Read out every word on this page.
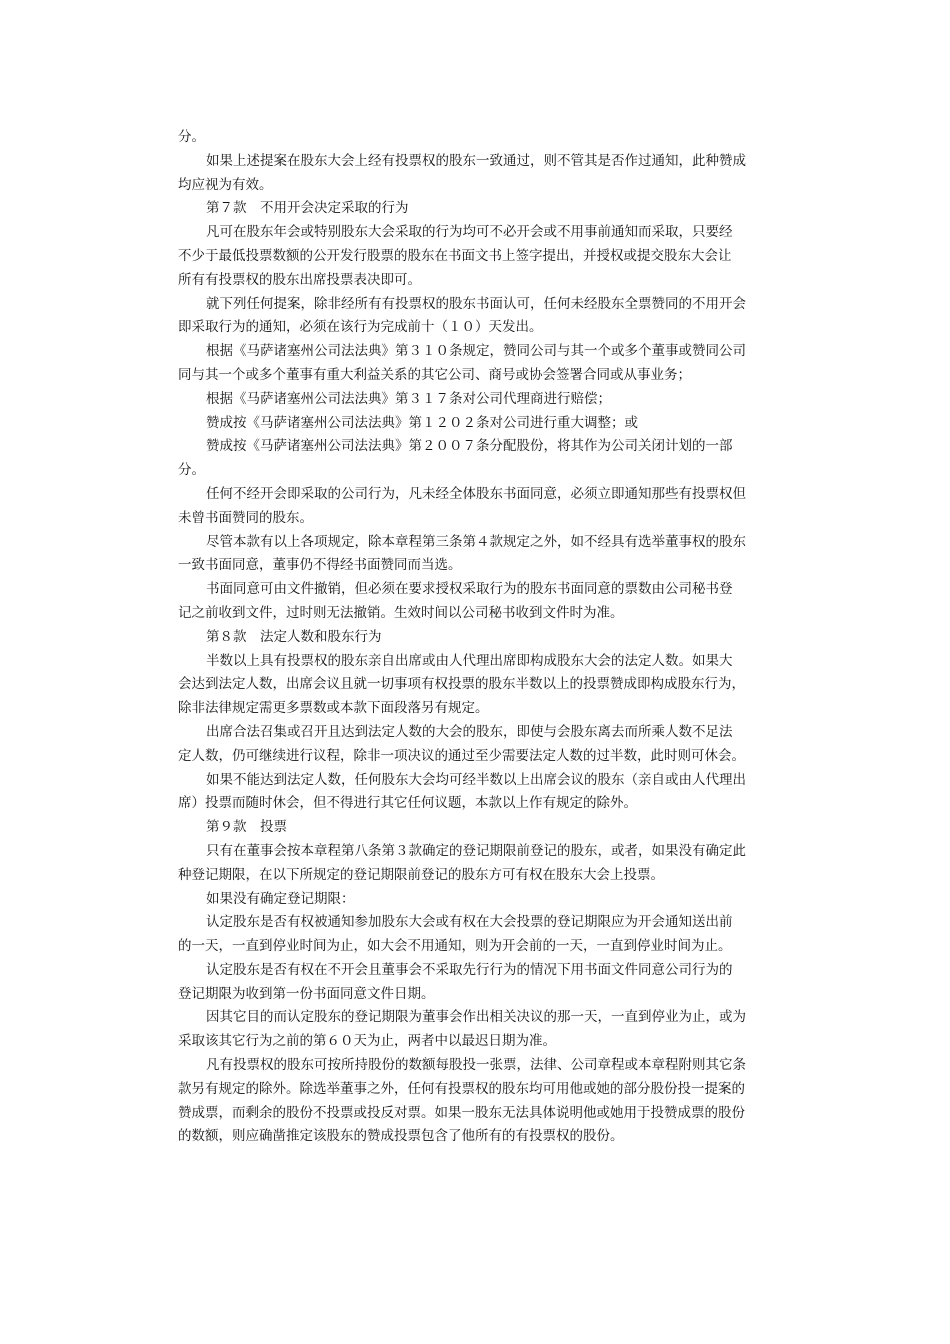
分。
如果上述提案在股东大会上经有投票权的股东一致通过，则不管其是否作过通知，此种赞成
均应视为有效。
第７款　不用开会决定采取的行为
凡可在股东年会或特别股东大会采取的行为均可不必开会或不用事前通知而采取，只要经
不少于最低投票数额的公开发行股票的股东在书面文书上签字提出，并授权或提交股东大会让
所有有投票权的股东出席投票表决即可。
就下列任何提案，除非经所有有投票权的股东书面认可，任何未经股东全票赞同的不用开会
即采取行为的通知，必须在该行为完成前十（１０）天发出。
根据《马萨诸塞州公司法法典》第３１０条规定，赞同公司与其一个或多个董事或赞同公司
同与其一个或多个董事有重大利益关系的其它公司、商号或协会签署合同或从事业务；
根据《马萨诸塞州公司法法典》第３１７条对公司代理商进行赔偿；
赞成按《马萨诸塞州公司法法典》第１２０２条对公司进行重大调整；或
赞成按《马萨诸塞州公司法法典》第２００７条分配股份，将其作为公司关闭计划的一部
分。
任何不经开会即采取的公司行为，凡未经全体股东书面同意，必须立即通知那些有投票权但
未曾书面赞同的股东。
尽管本款有以上各项规定，除本章程第三条第４款规定之外，如不经具有选举董事权的股东
一致书面同意，董事仍不得经书面赞同而当选。
书面同意可由文件撤销，但必须在要求授权采取行为的股东书面同意的票数由公司秘书登
记之前收到文件，过时则无法撤销。生效时间以公司秘书收到文件时为准。
第８款　法定人数和股东行为
半数以上具有投票权的股东亲自出席或由人代理出席即构成股东大会的法定人数。如果大
会达到法定人数，出席会议且就一切事项有权投票的股东半数以上的投票赞成即构成股东行为，
除非法律规定需更多票数或本款下面段落另有规定。
出席合法召集或召开且达到法定人数的大会的股东，即使与会股东离去而所乘人数不足法
定人数，仍可继续进行议程，除非一项决议的通过至少需要法定人数的过半数，此时则可休会。
如果不能达到法定人数，任何股东大会均可经半数以上出席会议的股东（亲自或由人代理出
席）投票而随时休会，但不得进行其它任何议题，本款以上作有规定的除外。
第９款　投票
只有在董事会按本章程第八条第３款确定的登记期限前登记的股东，或者，如果没有确定此
种登记期限，在以下所规定的登记期限前登记的股东方可有权在股东大会上投票。
如果没有确定登记期限：
认定股东是否有权被通知参加股东大会或有权在大会投票的登记期限应为开会通知送出前
的一天，一直到停业时间为止，如大会不用通知，则为开会前的一天，一直到停业时间为止。
认定股东是否有权在不开会且董事会不采取先行行为的情况下用书面文件同意公司行为的
登记期限为收到第一份书面同意文件日期。
因其它目的而认定股东的登记期限为董事会作出相关决议的那一天，一直到停业为止，或为
采取该其它行为之前的第６０天为止，两者中以最迟日期为准。
凡有投票权的股东可按所持股份的数额每股投一张票，法律、公司章程或本章程附则其它条
款另有规定的除外。除选举董事之外，任何有投票权的股东均可用他或她的部分股份投一提案的
赞成票，而剩余的股份不投票或投反对票。如果一股东无法具体说明他或她用于投赞成票的股份
的数额，则应确凿推定该股东的赞成投票包含了他所有的有投票权的股份。
